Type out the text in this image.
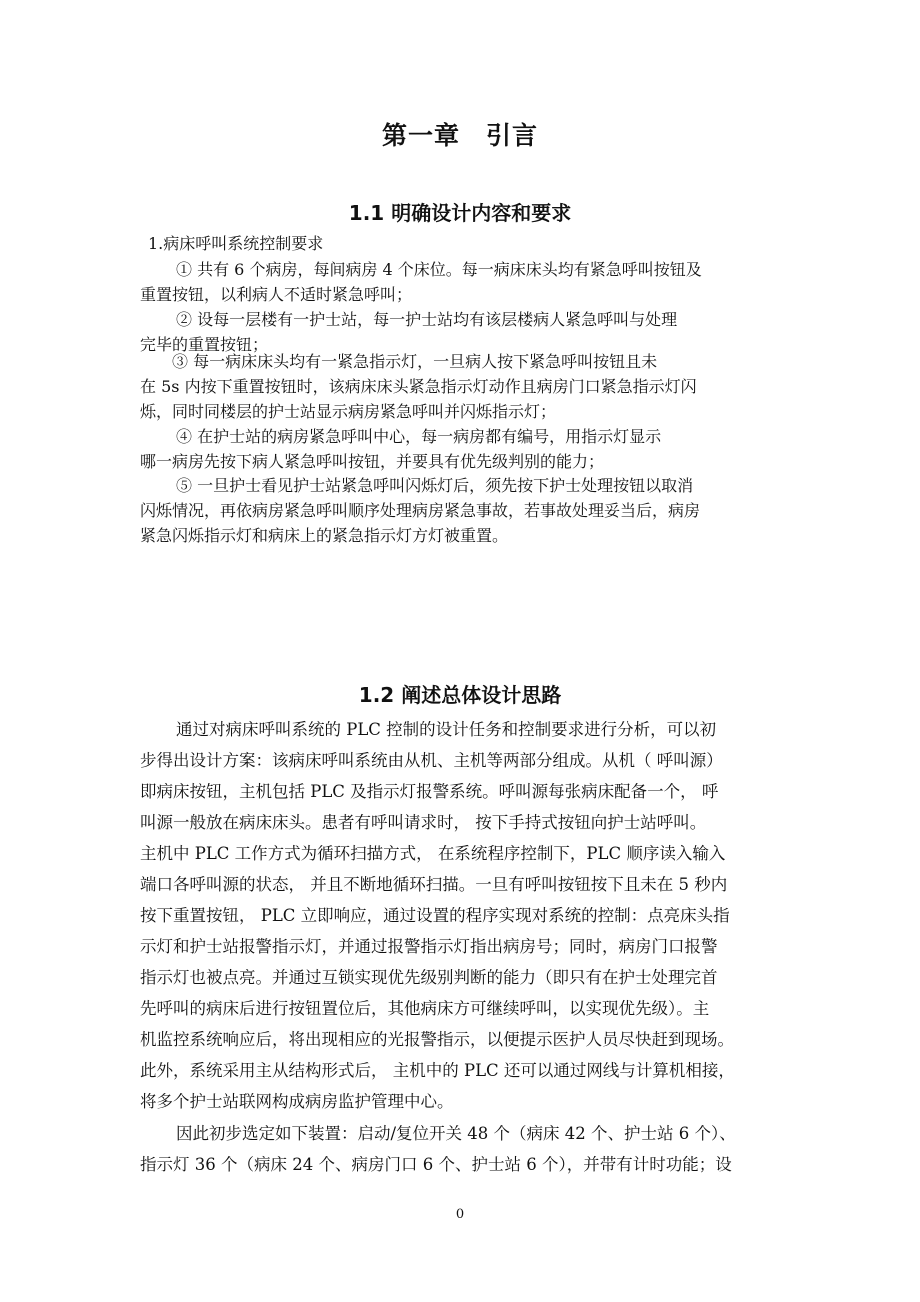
第一章　引言
1.1 明确设计内容和要求
1.病床呼叫系统控制要求
① 共有 6 个病房，每间病房 4 个床位。每一病床床头均有紧急呼叫按钮及
重置按钮，以利病人不适时紧急呼叫；
② 设每一层楼有一护士站，每一护士站均有该层楼病人紧急呼叫与处理
完毕的重置按钮；
③ 每一病床床头均有一紧急指示灯，一旦病人按下紧急呼叫按钮且未
在 5s 内按下重置按钮时，该病床床头紧急指示灯动作且病房门口紧急指示灯闪
烁，同时同楼层的护士站显示病房紧急呼叫并闪烁指示灯；
④ 在护士站的病房紧急呼叫中心，每一病房都有编号，用指示灯显示
哪一病房先按下病人紧急呼叫按钮，并要具有优先级判别的能力；
⑤ 一旦护士看见护士站紧急呼叫闪烁灯后，须先按下护士处理按钮以取消
闪烁情况，再依病房紧急呼叫顺序处理病房紧急事故，若事故处理妥当后，病房
紧急闪烁指示灯和病床上的紧急指示灯方灯被重置。
1.2 阐述总体设计思路
通过对病床呼叫系统的 PLC 控制的设计任务和控制要求进行分析，可以初
步得出设计方案：该病床呼叫系统由从机、主机等两部分组成。从机（ 呼叫源）
即病床按钮，主机包括 PLC 及指示灯报警系统。呼叫源每张病床配备一个， 呼
叫源一般放在病床床头。患者有呼叫请求时， 按下手持式按钮向护士站呼叫。
主机中 PLC 工作方式为循环扫描方式， 在系统程序控制下，PLC 顺序读入输入
端口各呼叫源的状态， 并且不断地循环扫描。一旦有呼叫按钮按下且未在 5 秒内
按下重置按钮， PLC 立即响应，通过设置的程序实现对系统的控制：点亮床头指
示灯和护士站报警指示灯，并通过报警指示灯指出病房号；同时，病房门口报警
指示灯也被点亮。并通过互锁实现优先级别判断的能力（即只有在护士处理完首
先呼叫的病床后进行按钮置位后，其他病床方可继续呼叫，以实现优先级）。主
机监控系统响应后，将出现相应的光报警指示，以便提示医护人员尽快赶到现场。
此外，系统采用主从结构形式后， 主机中的 PLC 还可以通过网线与计算机相接，
将多个护士站联网构成病房监护管理中心。
因此初步选定如下装置：启动/复位开关 48 个（病床 42 个、护士站 6 个）、
指示灯 36 个（病床 24 个、病房门口 6 个、护士站 6 个），并带有计时功能；设
0
